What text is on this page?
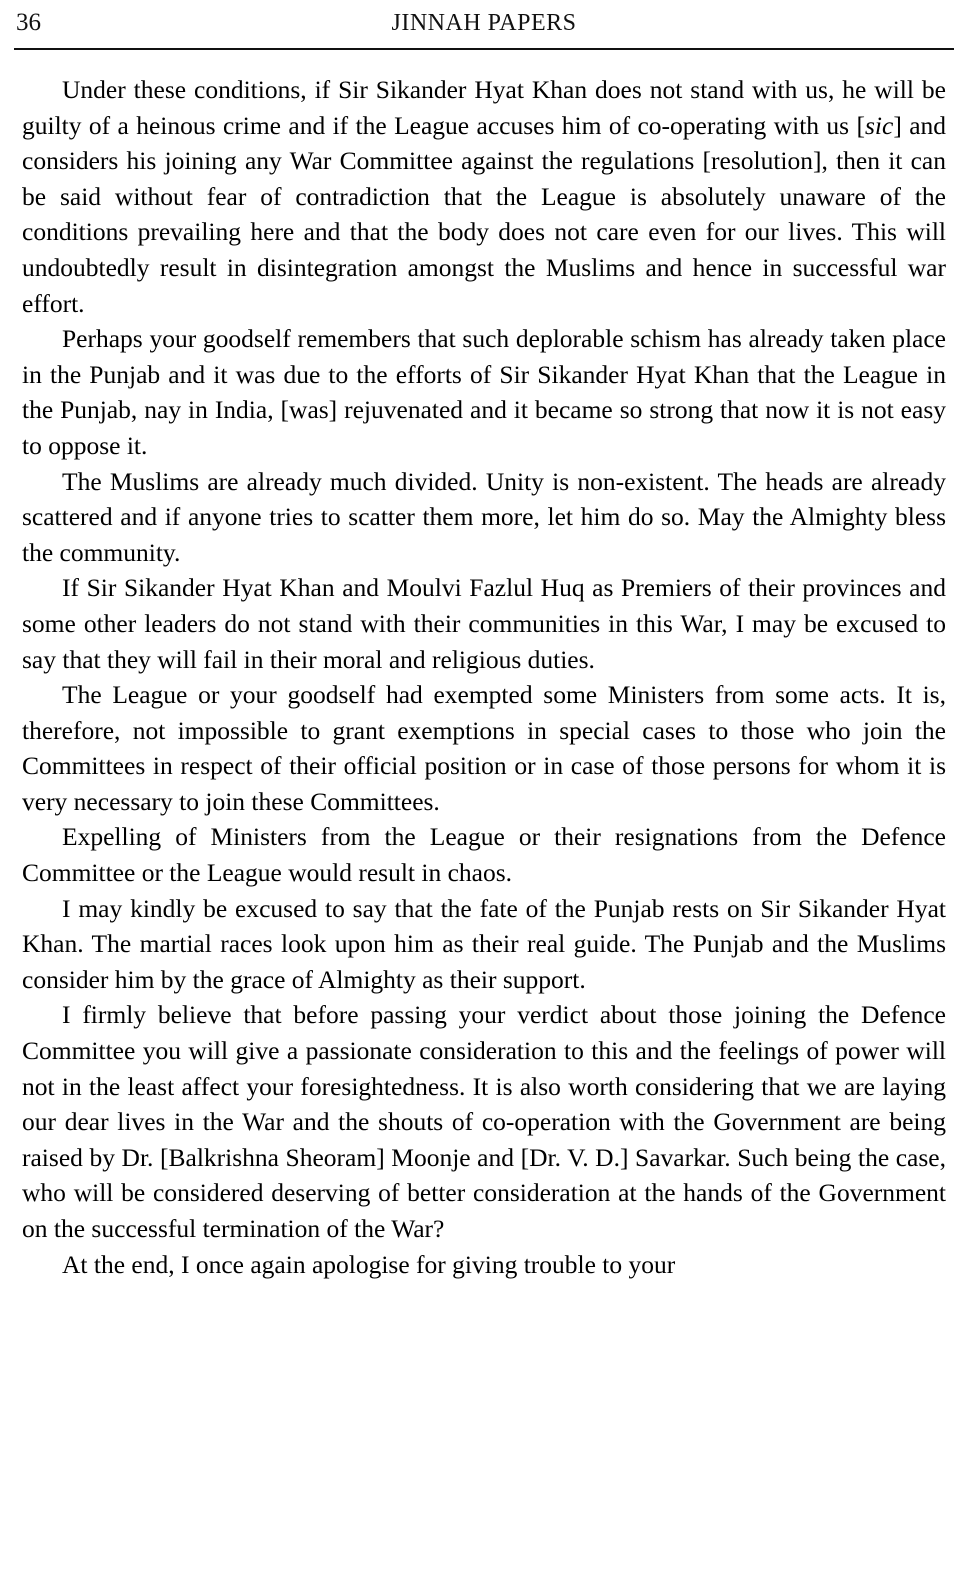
36	JINNAH PAPERS

Under these conditions, if Sir Sikander Hyat Khan does not stand with us, he will be guilty of a heinous crime and if the League accuses him of co-operating with us [sic] and considers his joining any War Committee against the regulations [resolution], then it can be said without fear of contradiction that the League is absolutely unaware of the conditions prevailing here and that the body does not care even for our lives. This will undoubtedly result in disintegration amongst the Muslims and hence in successful war effort.

Perhaps your goodself remembers that such deplorable schism has already taken place in the Punjab and it was due to the efforts of Sir Sikander Hyat Khan that the League in the Punjab, nay in India, [was] rejuvenated and it became so strong that now it is not easy to oppose it.

The Muslims are already much divided. Unity is non-existent. The heads are already scattered and if anyone tries to scatter them more, let him do so. May the Almighty bless the community.

If Sir Sikander Hyat Khan and Moulvi Fazlul Huq as Premiers of their provinces and some other leaders do not stand with their communities in this War, I may be excused to say that they will fail in their moral and religious duties.

The League or your goodself had exempted some Ministers from some acts. It is, therefore, not impossible to grant exemptions in special cases to those who join the Committees in respect of their official position or in case of those persons for whom it is very necessary to join these Committees.

Expelling of Ministers from the League or their resignations from the Defence Committee or the League would result in chaos.

I may kindly be excused to say that the fate of the Punjab rests on Sir Sikander Hyat Khan. The martial races look upon him as their real guide. The Punjab and the Muslims consider him by the grace of Almighty as their support.

I firmly believe that before passing your verdict about those joining the Defence Committee you will give a passionate consideration to this and the feelings of power will not in the least affect your foresightedness. It is also worth considering that we are laying our dear lives in the War and the shouts of co-operation with the Government are being raised by Dr. [Balkrishna Sheoram] Moonje and [Dr. V. D.] Savarkar. Such being the case, who will be considered deserving of better consideration at the hands of the Government on the successful termination of the War?

At the end, I once again apologise for giving trouble to your
